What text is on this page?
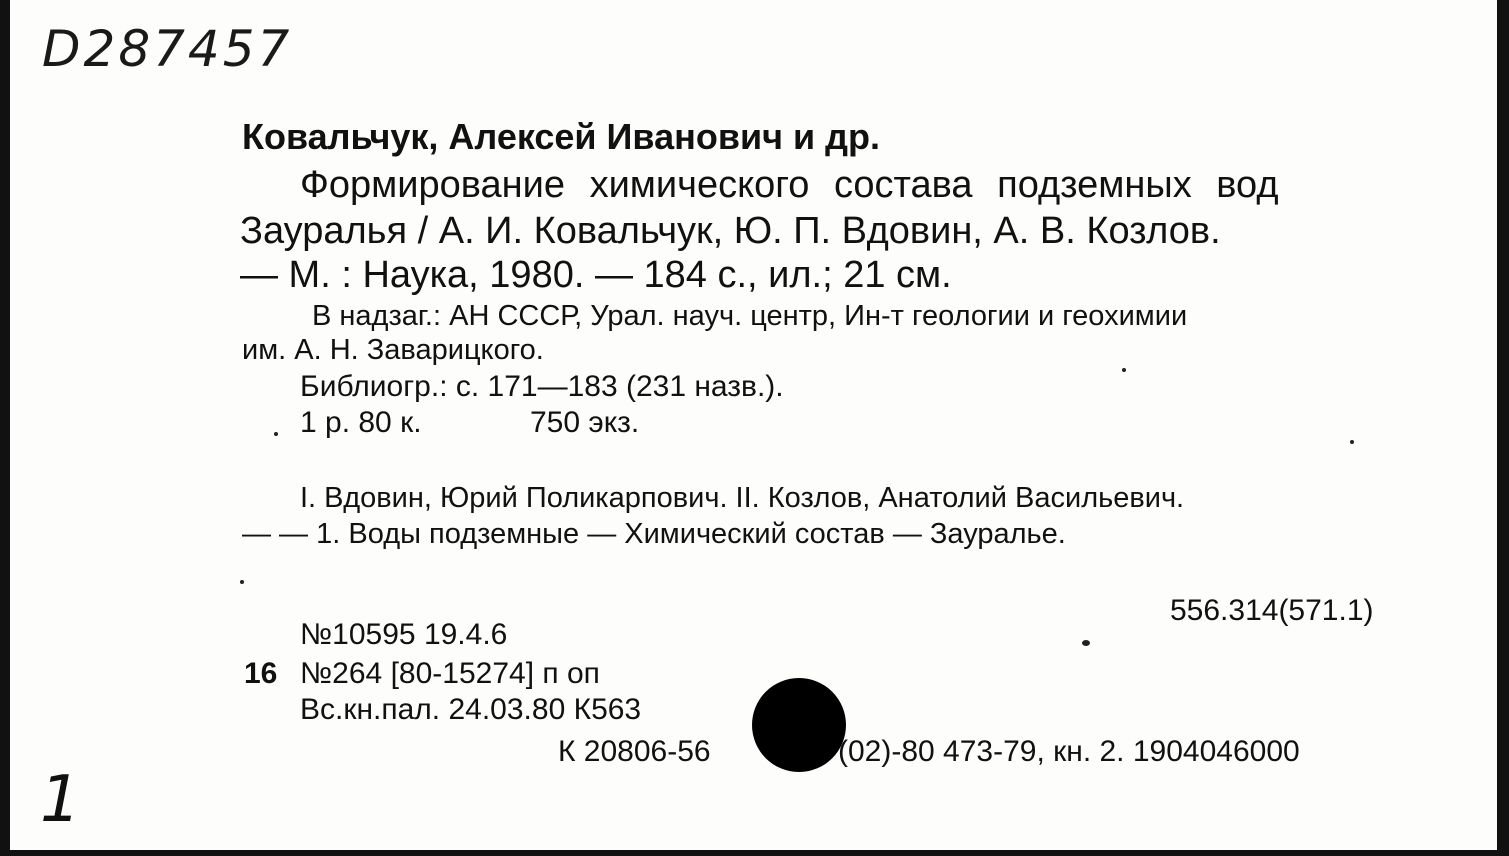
D287457
Ковальчук, Алексей Иванович и др.
Формирование химического состава подземных вод
Зауралья / А. И. Ковальчук, Ю. П. Вдовин, А. В. Козлов.
— М. : Наука, 1980. — 184 с., ил.; 21 см.
В надзаг.: АН СССР, Урал. науч. центр, Ин-т геологии и геохимии
им. А. Н. Заварицкого.
Библиогр.: с. 171—183 (231 назв.).
1 р. 80 к.	750 экз.
I. Вдовин, Юрий Поликарпович. II. Козлов, Анатолий Васильевич.
— — 1. Воды подземные — Химический состав — Зауралье.
556.314(571.1)
№10595 19.4.6
16 №264 [80-15274] п оп
Вс.кн.пал. 24.03.80 К563
К 20806-56	(02)-80 473-79, кн. 2. 1904046000
1
